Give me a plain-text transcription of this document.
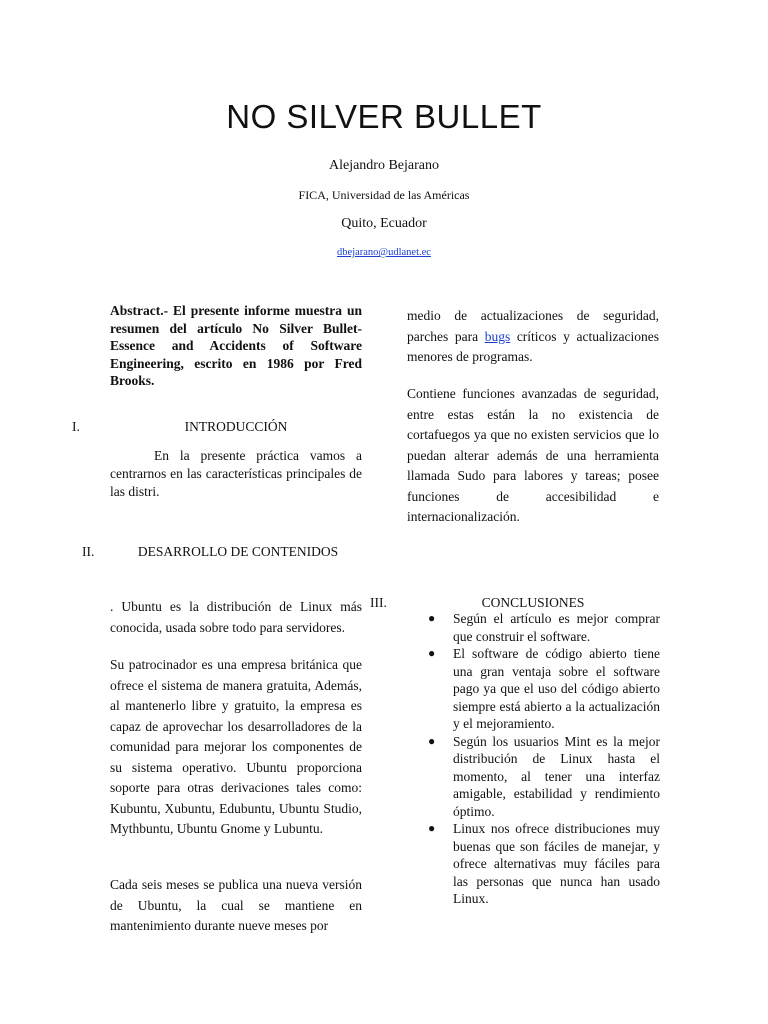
NO SILVER BULLET
Alejandro Bejarano
FICA, Universidad de las Américas
Quito, Ecuador
dbejarano@udlanet.ec
Abstract.- El presente informe muestra un resumen del artículo No Silver Bullet-Essence and Accidents of Software Engineering, escrito en 1986 por Fred Brooks.
I.	INTRODUCCIÓN
En la presente práctica vamos a centrarnos en las características principales de las distri.
II.	DESARROLLO DE CONTENIDOS
. Ubuntu es la distribución de Linux más conocida, usada sobre todo para servidores.
Su patrocinador es una empresa británica que ofrece el sistema de manera gratuita, Además, al mantenerlo libre y gratuito, la empresa es capaz de aprovechar los desarrolladores de la comunidad para mejorar los componentes de su sistema operativo. Ubuntu proporciona soporte para otras derivaciones tales como: Kubuntu, Xubuntu, Edubuntu, Ubuntu Studio, Mythbuntu, Ubuntu Gnome y Lubuntu.
Cada seis meses se publica una nueva versión de Ubuntu, la cual se mantiene en mantenimiento durante nueve meses por
medio de actualizaciones de seguridad, parches para bugs críticos y actualizaciones menores de programas.
Contiene funciones avanzadas de seguridad, entre estas están la no existencia de cortafuegos ya que no existen servicios que lo puedan alterar además de una herramienta llamada Sudo para labores y tareas; posee funciones de accesibilidad e internacionalización.
III.	CONCLUSIONES
● Según el artículo es mejor comprar que construir el software.
● El software de código abierto tiene una gran ventaja sobre el software pago ya que el uso del código abierto siempre está abierto a la actualización y el mejoramiento.
● Según los usuarios Mint es la mejor distribución de Linux hasta el momento, al tener una interfaz amigable, estabilidad y rendimiento óptimo.
● Linux nos ofrece distribuciones muy buenas que son fáciles de manejar, y ofrece alternativas muy fáciles para las personas que nunca han usado Linux.
